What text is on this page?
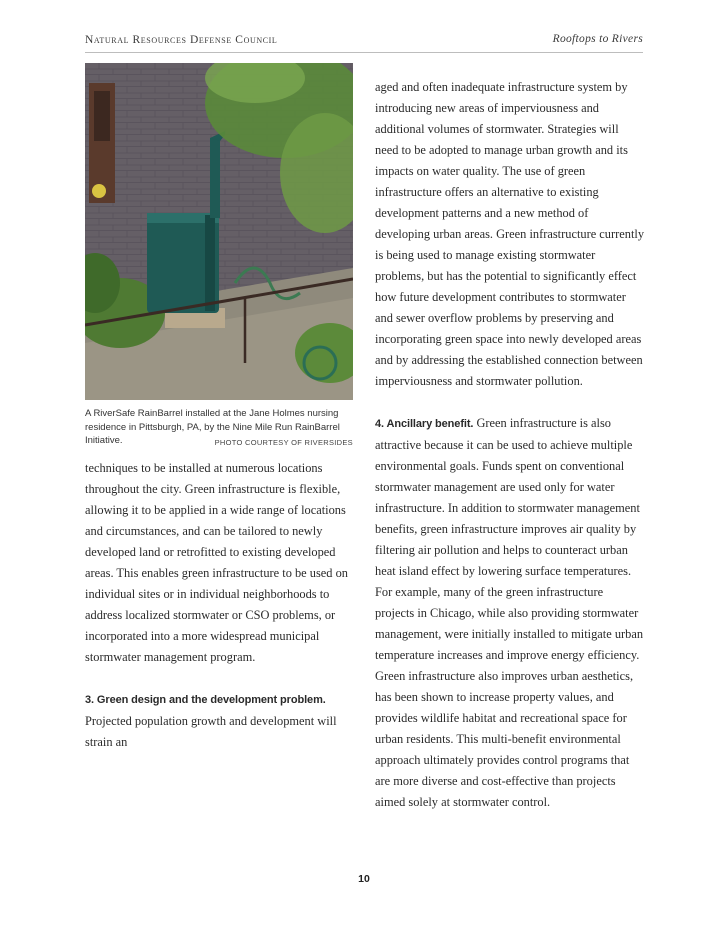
Natural Resources Defense Council	Rooftops to Rivers
A RiverSafe RainBarrel installed at the Jane Holmes nursing residence in Pittsburgh, PA, by the Nine Mile Run RainBarrel Initiative.	PHOTO COURTESY OF RIVERSIDES

techniques to be installed at numerous locations throughout the city. Green infrastructure is flexible, allowing it to be applied in a wide range of locations and circumstances, and can be tailored to newly developed land or retrofitted to existing developed areas. This enables green infrastructure to be used on individual sites or in individual neighborhoods to address localized stormwater or CSO problems, or incorporated into a more widespread municipal stormwater management program.

3. Green design and the development problem. Projected population growth and development will strain an

aged and often inadequate infrastructure system by introducing new areas of imperviousness and additional volumes of stormwater. Strategies will need to be adopted to manage urban growth and its impacts on water quality. The use of green infrastructure offers an alternative to existing development patterns and a new method of developing urban areas. Green infrastructure currently is being used to manage existing stormwater problems, but has the potential to significantly effect how future development contributes to stormwater and sewer overflow problems by preserving and incorporating green space into newly developed areas and by addressing the established connection between imperviousness and stormwater pollution.

4. Ancillary benefit. Green infrastructure is also attractive because it can be used to achieve multiple environmental goals. Funds spent on conventional stormwater management are used only for water infrastructure. In addition to stormwater management benefits, green infrastructure improves air quality by filtering air pollution and helps to counteract urban heat island effect by lowering surface temperatures. For example, many of the green infrastructure projects in Chicago, while also providing stormwater management, were initially installed to mitigate urban temperature increases and improve energy efficiency. Green infrastructure also improves urban aesthetics, has been shown to increase property values, and provides wildlife habitat and recreational space for urban residents. This multi-benefit environmental approach ultimately provides control programs that are more diverse and cost-effective than projects aimed solely at stormwater control.

10
